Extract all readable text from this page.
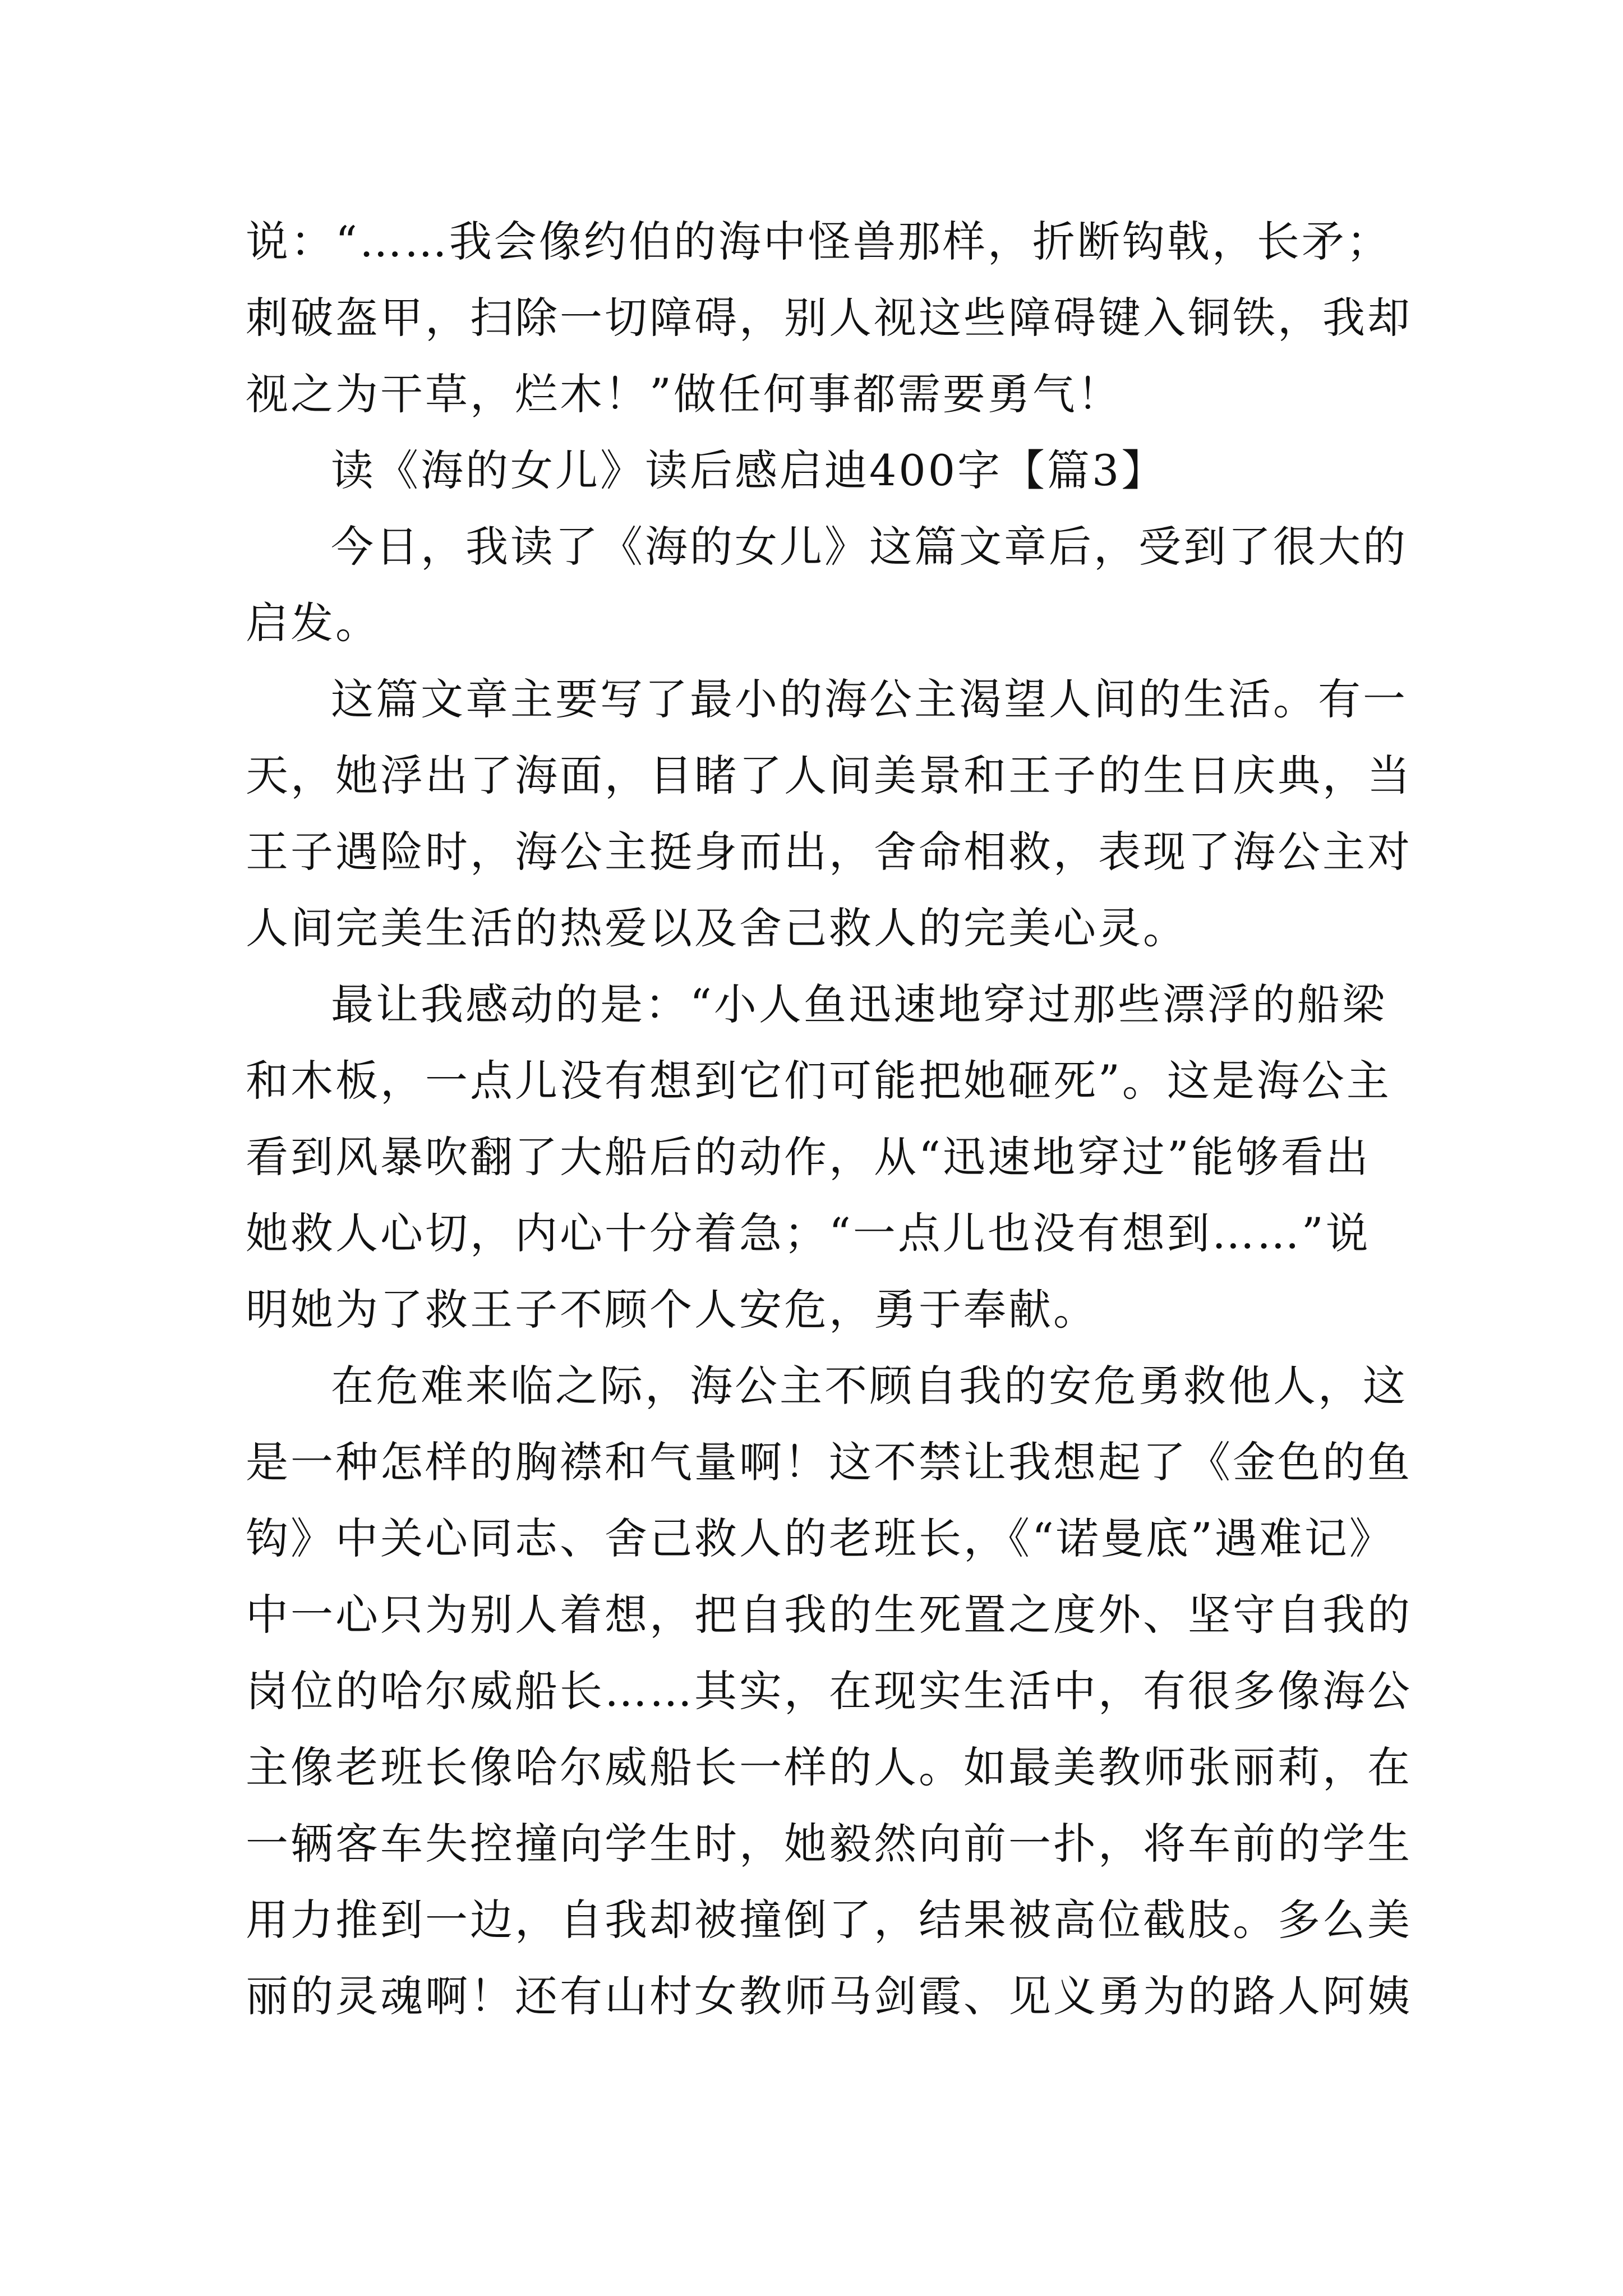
说：“……我会像约伯的海中怪兽那样，折断钩戟，长矛；
刺破盔甲，扫除一切障碍，别人视这些障碍键入铜铁，我却
视之为干草，烂木！”做任何事都需要勇气！
读《海的女儿》读后感启迪400字【篇3】
今日，我读了《海的女儿》这篇文章后，受到了很大的
启发。
这篇文章主要写了最小的海公主渴望人间的生活。有一
天，她浮出了海面，目睹了人间美景和王子的生日庆典，当
王子遇险时，海公主挺身而出，舍命相救，表现了海公主对
人间完美生活的热爱以及舍己救人的完美心灵。
最让我感动的是：“小人鱼迅速地穿过那些漂浮的船梁
和木板，一点儿没有想到它们可能把她砸死”。这是海公主
看到风暴吹翻了大船后的动作，从“迅速地穿过”能够看出
她救人心切，内心十分着急；“一点儿也没有想到……”说
明她为了救王子不顾个人安危，勇于奉献。
在危难来临之际，海公主不顾自我的安危勇救他人，这
是一种怎样的胸襟和气量啊！这不禁让我想起了《金色的鱼
钩》中关心同志、舍己救人的老班长，《“诺曼底”遇难记》
中一心只为别人着想，把自我的生死置之度外、坚守自我的
岗位的哈尔威船长……其实，在现实生活中，有很多像海公
主像老班长像哈尔威船长一样的人。如最美教师张丽莉，在
一辆客车失控撞向学生时，她毅然向前一扑，将车前的学生
用力推到一边，自我却被撞倒了，结果被高位截肢。多么美
丽的灵魂啊！还有山村女教师马剑霞、见义勇为的路人阿姨
